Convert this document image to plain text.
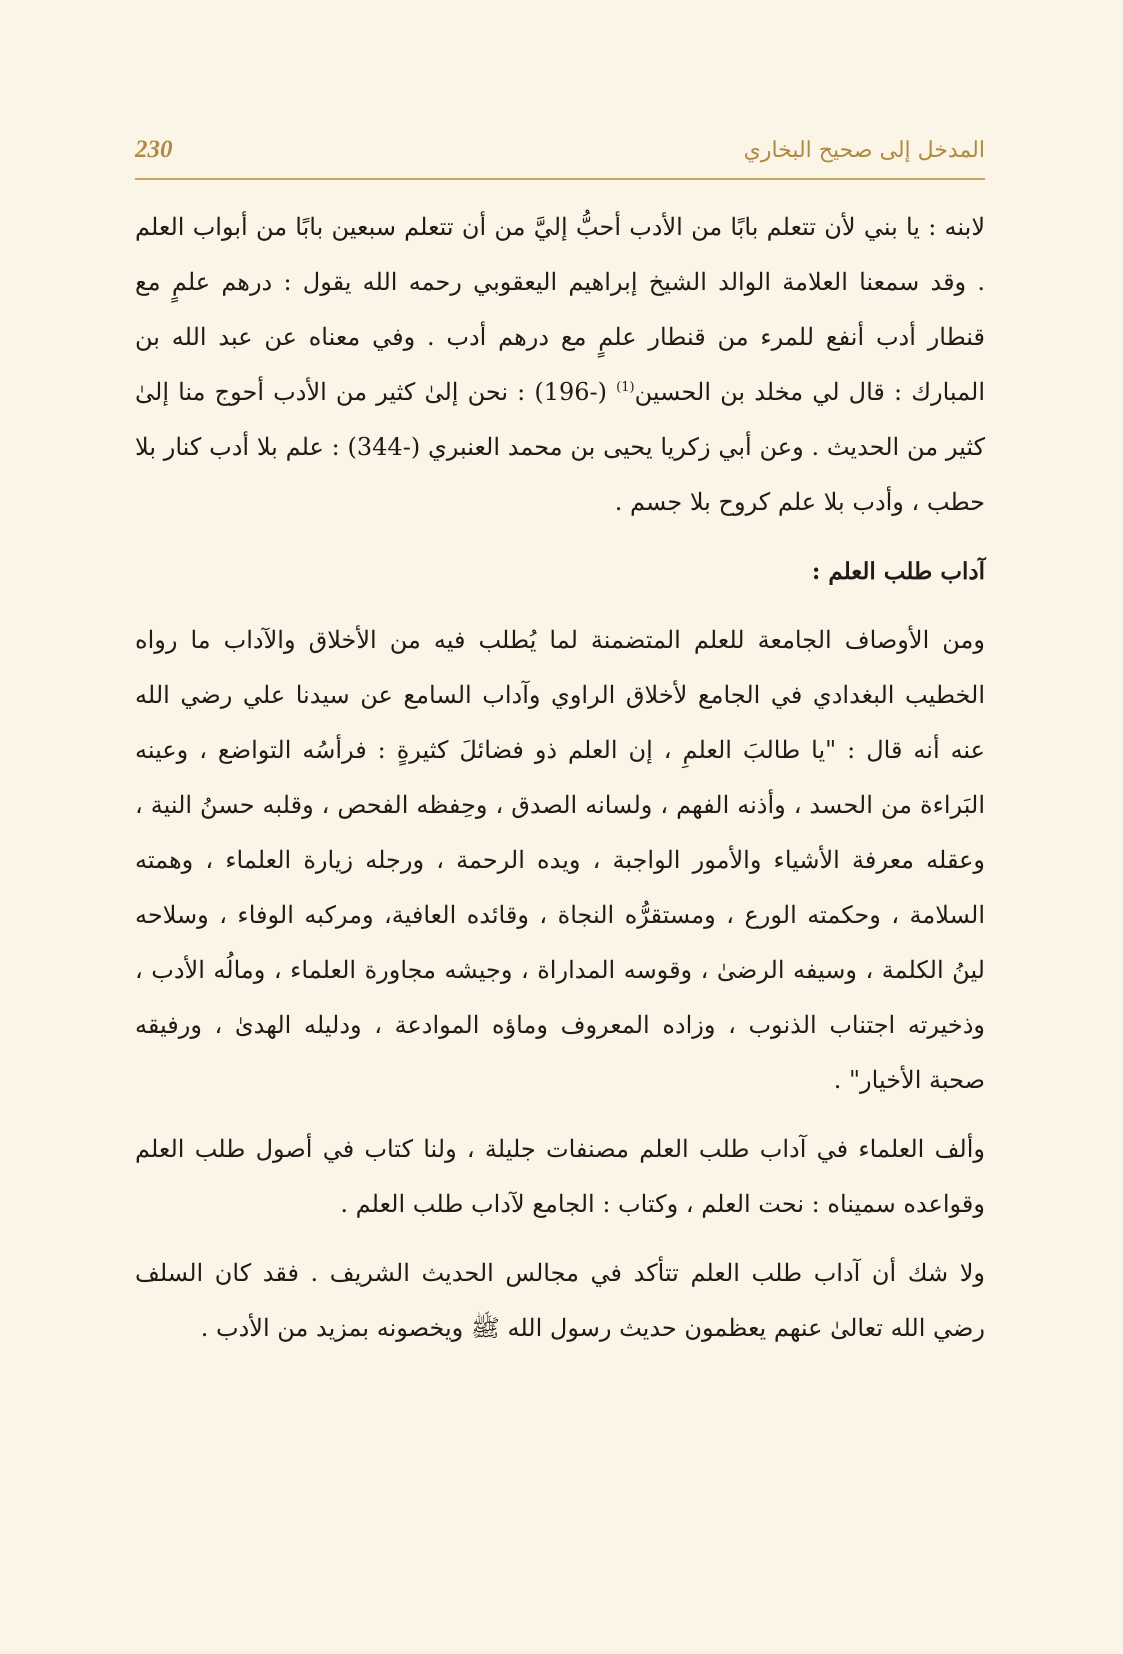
المدخل إلى صحيح البخاري
230

لابنه : يا بني لأن تتعلم بابًا من الأدب أحبُّ إليَّ من أن تتعلم سبعين بابًا من أبواب العلم . وقد سمعنا العلامة الوالد الشيخ إبراهيم اليعقوبي رحمه الله يقول : درهم علمٍ مع قنطار أدب أنفع للمرء من قنطار علمٍ مع درهم أدب . وفي معناه عن عبد الله بن المبارك : قال لي مخلد بن الحسين$^{(1)}$ (-196) : نحن إلىٰ كثير من الأدب أحوج منا إلىٰ كثير من الحديث . وعن أبي زكريا يحيى بن محمد العنبري (-344) : علم بلا أدب كنار بلا حطب ، وأدب بلا علم كروح بلا جسم .

آداب طلب العلم :

ومن الأوصاف الجامعة للعلم المتضمنة لما يُطلب فيه من الأخلاق والآداب ما رواه الخطيب البغدادي في الجامع لأخلاق الراوي وآداب السامع عن سيدنا علي رضي الله عنه أنه قال : "يا طالبَ العلمِ ، إن العلم ذو فضائلَ كثيرةٍ : فرأسُه التواضع ، وعينه البَراءة من الحسد ، وأذنه الفهم ، ولسانه الصدق ، وحِفظه الفحص ، وقلبه حسنُ النية ، وعقله معرفة الأشياء والأمور الواجبة ، ويده الرحمة ، ورجله زيارة العلماء ، وهمته السلامة ، وحكمته الورع ، ومستقرُّه النجاة ، وقائده العافية، ومركبه الوفاء ، وسلاحه لينُ الكلمة ، وسيفه الرضىٰ ، وقوسه المداراة ، وجيشه مجاورة العلماء ، ومالُه الأدب ، وذخيرته اجتناب الذنوب ، وزاده المعروف وماؤه الموادعة ، ودليله الهدىٰ ، ورفيقه صحبة الأخيار" .

وألف العلماء في آداب طلب العلم مصنفات جليلة ، ولنا كتاب في أصول طلب العلم وقواعده سميناه : نحت العلم ، وكتاب : الجامع لآداب طلب العلم .

ولا شك أن آداب طلب العلم تتأكد في مجالس الحديث الشريف . فقد كان السلف رضي الله تعالىٰ عنهم يعظمون حديث رسول الله ﷺ ويخصونه بمزيد من الأدب .
